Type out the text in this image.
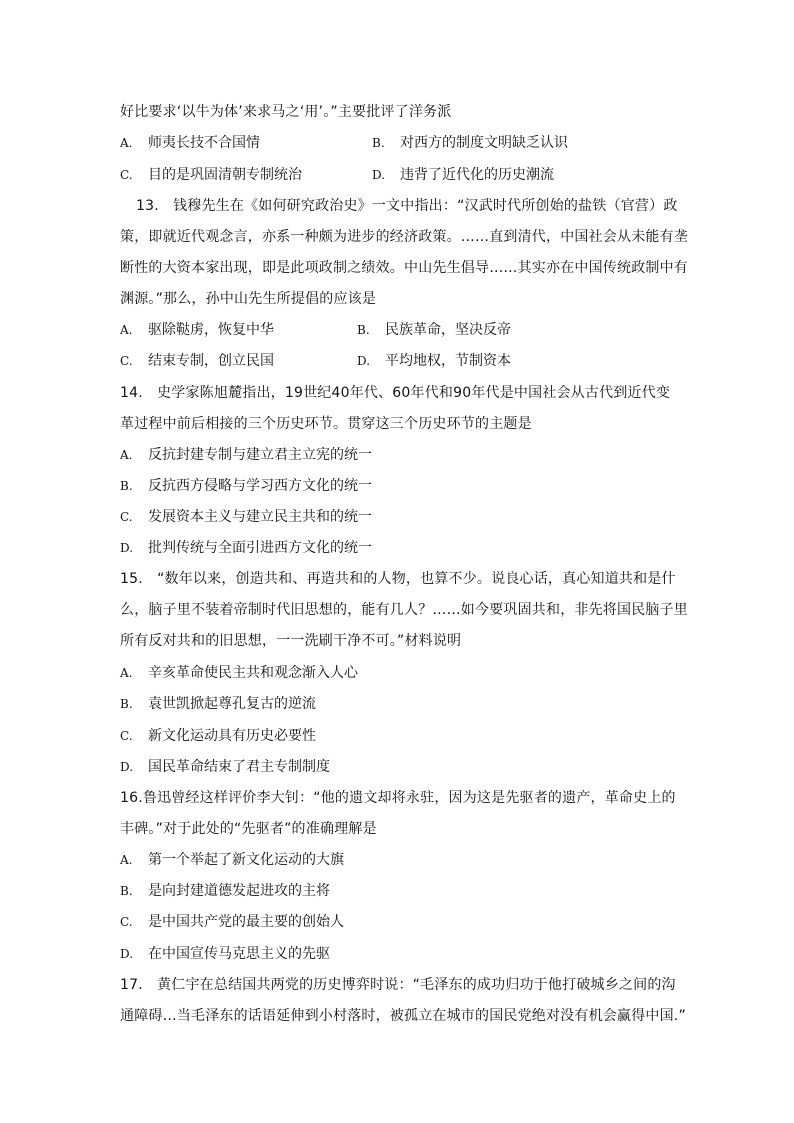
好比要求‘以牛为体’来求马之‘用’。”主要批评了洋务派
A. 师夷长技不合国情	B. 对西方的制度文明缺乏认识
C. 目的是巩固清朝专制统治	D. 违背了近代化的历史潮流
13.　钱穆先生在《如何研究政治史》一文中指出：“汉武时代所创始的盐铁（官营）政
策，即就近代观念言，亦系一种颇为进步的经济政策。……直到清代，中国社会从未能有垄
断性的大资本家出现，即是此项政制之绩效。中山先生倡导……其实亦在中国传统政制中有
渊源。”那么，孙中山先生所提倡的应该是
A. 驱除鞑虏，恢复中华	B. 民族革命，坚决反帝
C. 结束专制，创立民国	D. 平均地权，节制资本
14.　史学家陈旭麓指出，19世纪40年代、60年代和90年代是中国社会从古代到近代变
革过程中前后相接的三个历史环节。贯穿这三个历史环节的主题是
A. 反抗封建专制与建立君主立宪的统一
B. 反抗西方侵略与学习西方文化的统一
C. 发展资本主义与建立民主共和的统一
D. 批判传统与全面引进西方文化的统一
15.　“数年以来，创造共和、再造共和的人物，也算不少。说良心话，真心知道共和是什
么，脑子里不装着帝制时代旧思想的，能有几人？……如今要巩固共和，非先将国民脑子里
所有反对共和的旧思想，一一洗刷干净不可。”材料说明
A. 辛亥革命使民主共和观念渐入人心
B. 袁世凯掀起尊孔复古的逆流
C. 新文化运动具有历史必要性
D. 国民革命结束了君主专制制度
16.鲁迅曾经这样评价李大钊：“他的遗文却将永驻，因为这是先驱者的遗产，革命史上的
丰碑。”对于此处的“先驱者”的准确理解是
A. 第一个举起了新文化运动的大旗
B. 是向封建道德发起进攻的主将
C. 是中国共产党的最主要的创始人
D. 在中国宣传马克思主义的先驱
17.　黄仁宇在总结国共两党的历史博弈时说：“毛泽东的成功归功于他打破城乡之间的沟
通障碍…当毛泽东的话语延伸到小村落时，被孤立在城市的国民党绝对没有机会赢得中国.”
